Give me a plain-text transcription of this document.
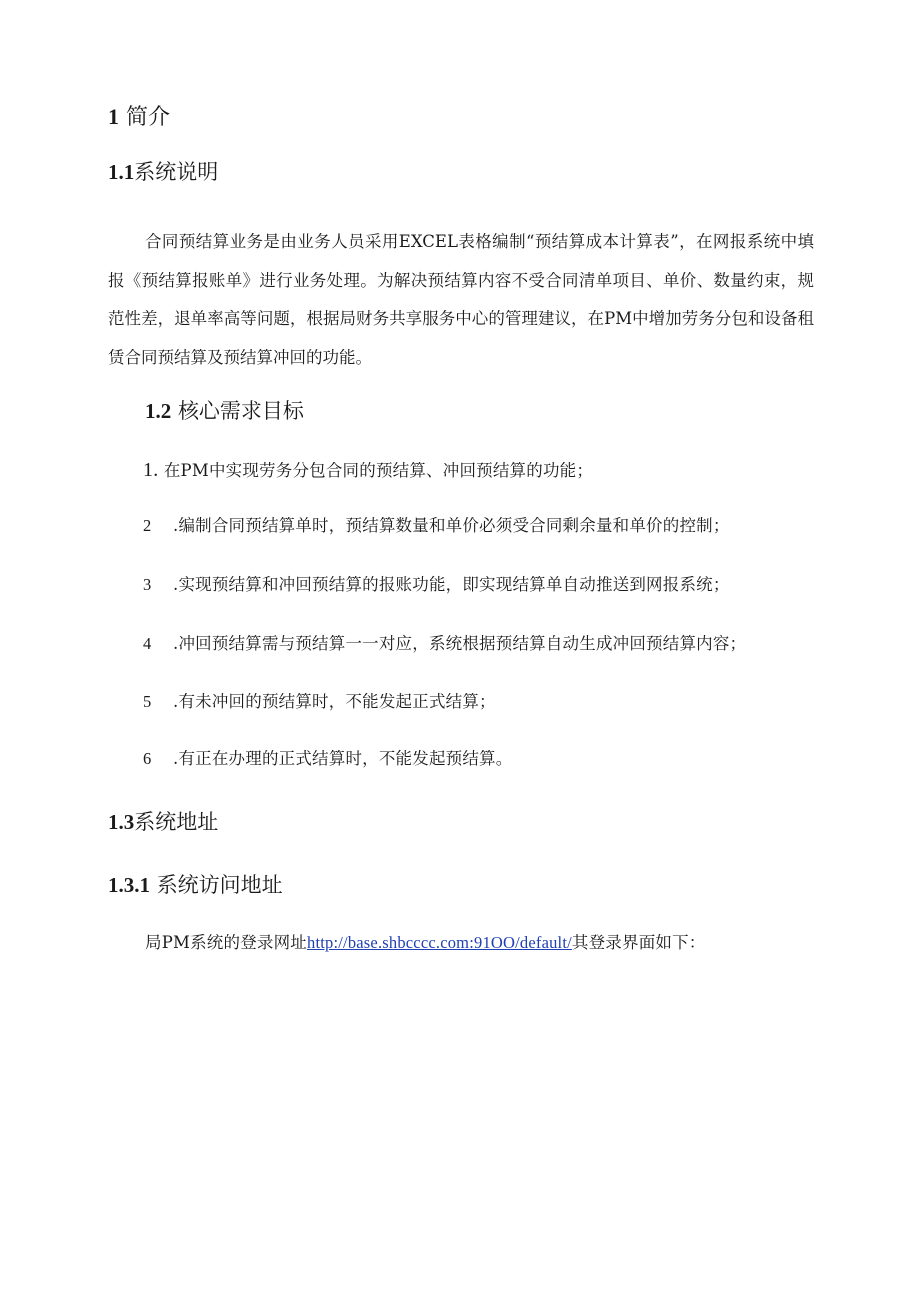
1 简介
1.1系统说明
合同预结算业务是由业务人员采用EXCEL表格编制“预结算成本计算表”，在网报系统中填报《预结算报账单》进行业务处理。为解决预结算内容不受合同清单项目、单价、数量约束，规范性差，退单率高等问题，根据局财务共享服务中心的管理建议，在PM中增加劳务分包和设备租赁合同预结算及预结算冲回的功能。
1.2 核心需求目标
1. 在PM中实现劳务分包合同的预结算、冲回预结算的功能；
2 .编制合同预结算单时，预结算数量和单价必须受合同剩余量和单价的控制；
3 .实现预结算和冲回预结算的报账功能，即实现结算单自动推送到网报系统；
4 .冲回预结算需与预结算一一对应，系统根据预结算自动生成冲回预结算内容；
5 .有未冲回的预结算时，不能发起正式结算；
6 .有正在办理的正式结算时，不能发起预结算。
1.3系统地址
1.3.1 系统访问地址
局PM系统的登录网址http://base.shbcccc.com:91OO/default/其登录界面如下：
